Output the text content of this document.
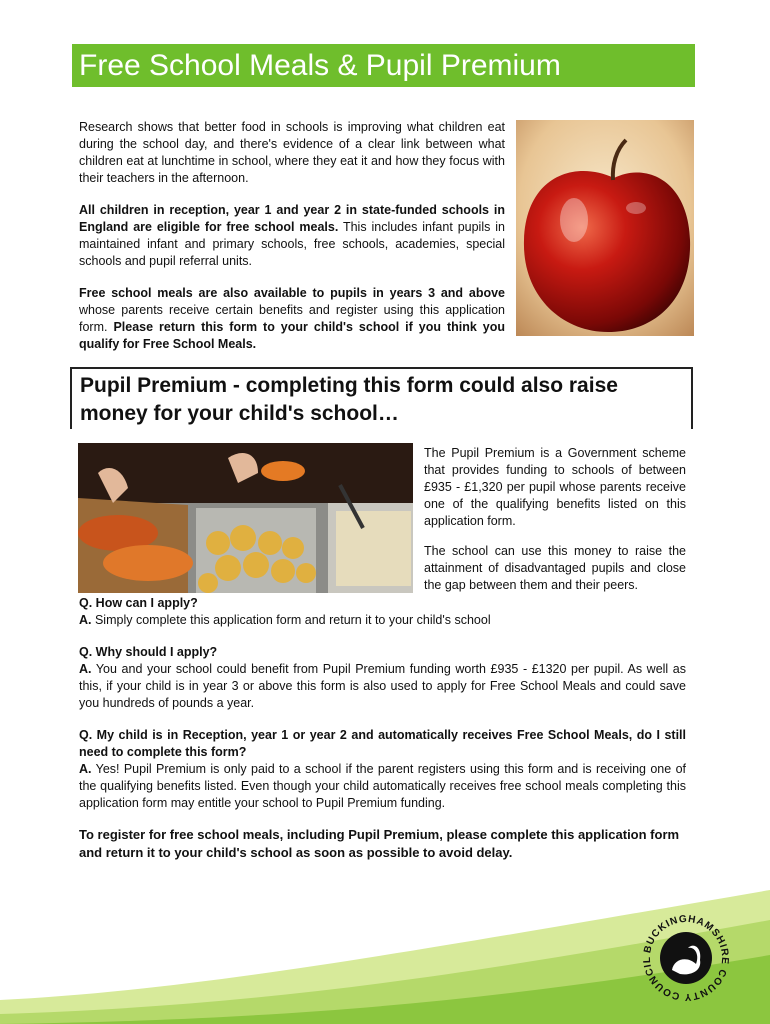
Free School Meals & Pupil Premium

Research shows that better food in schools is improving what children eat during the school day, and there's evidence of a clear link between what children eat at lunchtime in school, where they eat it and how they focus with their teachers in the afternoon.

All children in reception, year 1 and year 2 in state-funded schools in England are eligible for free school meals. This includes infant pupils in maintained infant and primary schools, free schools, academies, special schools and pupil referral units.

Free school meals are also available to pupils in years 3 and above whose parents receive certain benefits and register using this application form. Please return this form to your child's school if you think you qualify for Free School Meals.

Pupil Premium - completing this form could also raise money for your child's school…

The Pupil Premium is a Government scheme that provides funding to schools of between £935 - £1,320 per pupil whose parents receive one of the qualifying benefits listed on this application form.

The school can use this money to raise the attainment of disadvantaged pupils and close the gap between them and their peers.

Q. How can I apply?
A. Simply complete this application form and return it to your child's school
Q. Why should I apply?
A. You and your school could benefit from Pupil Premium funding worth £935 - £1320 per pupil. As well as this, if your child is in year 3 or above this form is also used to apply for Free School Meals and could save you hundreds of pounds a year.
Q. My child is in Reception, year 1 or year 2 and automatically receives Free School Meals, do I still need to complete this form?
A. Yes! Pupil Premium is only paid to a school if the parent registers using this form and is receiving one of the qualifying benefits listed. Even though your child automatically receives free school meals completing this application form may entitle your school to Pupil Premium funding.
To register for free school meals, including Pupil Premium, please complete this application form and return it to your child's school as soon as possible to avoid delay.
BUCKINGHAMSHIRE COUNTY COUNCIL
